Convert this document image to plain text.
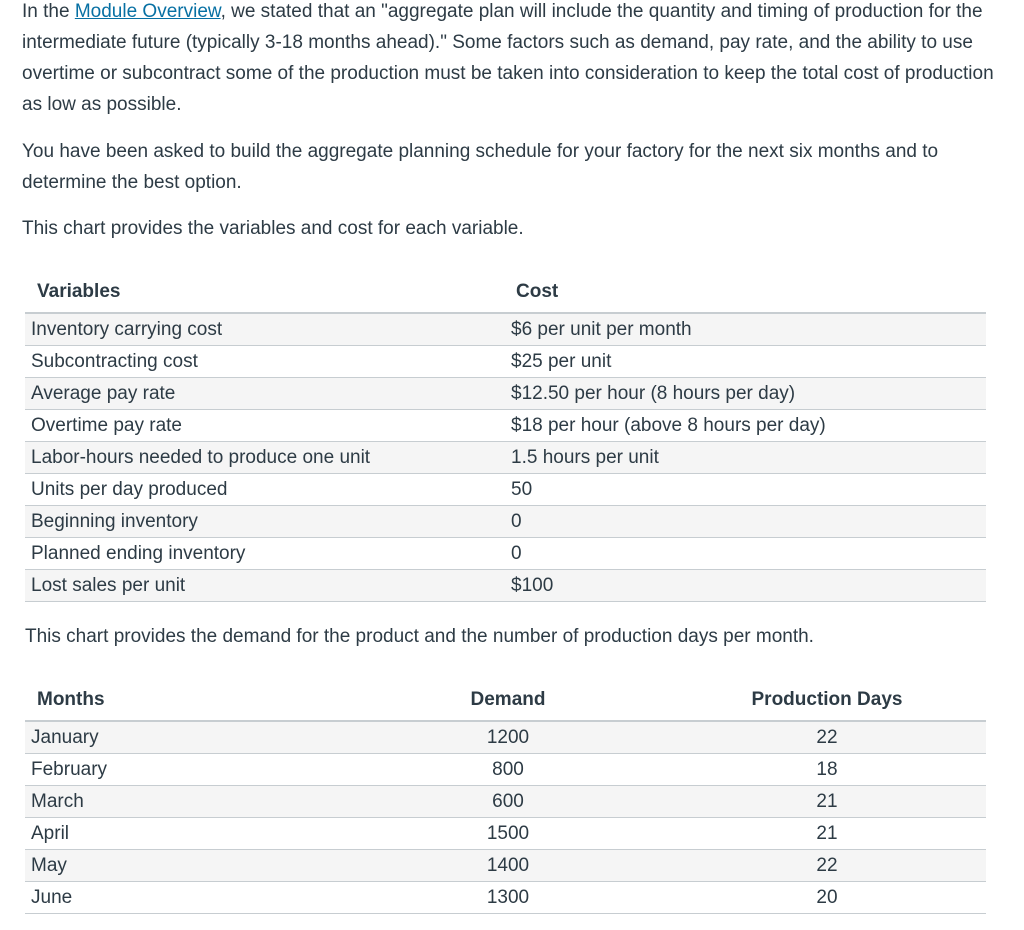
In the Module Overview, we stated that an "aggregate plan will include the quantity and timing of production for the intermediate future (typically 3-18 months ahead)." Some factors such as demand, pay rate, and the ability to use overtime or subcontract some of the production must be taken into consideration to keep the total cost of production as low as possible.

You have been asked to build the aggregate planning schedule for your factory for the next six months and to determine the best option.

This chart provides the variables and cost for each variable.

Variables	Cost
Inventory carrying cost	$6 per unit per month
Subcontracting cost	$25 per unit
Average pay rate	$12.50 per hour (8 hours per day)
Overtime pay rate	$18 per hour (above 8 hours per day)
Labor-hours needed to produce one unit	1.5 hours per unit
Units per day produced	50
Beginning inventory	0
Planned ending inventory	0
Lost sales per unit	$100

This chart provides the demand for the product and the number of production days per month.

Months	Demand	Production Days
January	1200	22
February	800	18
March	600	21
April	1500	21
May	1400	22
June	1300	20
